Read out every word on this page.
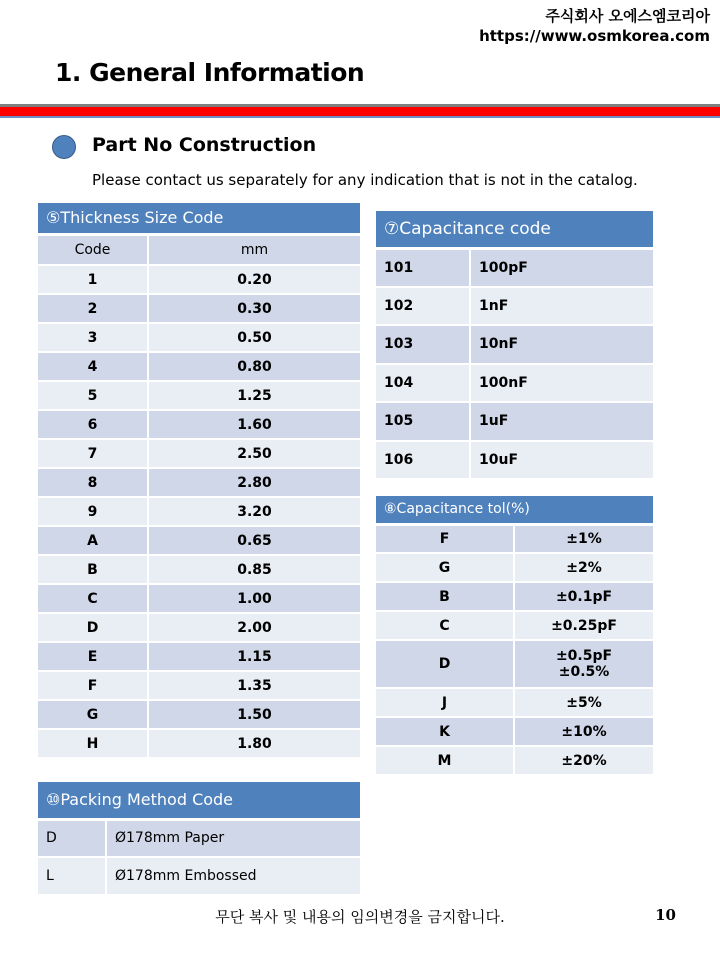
주식회사 오에스엠코리아
https://www.osmkorea.com
1. General Information
Part No Construction
Please contact us separately for any indication that is not in the catalog.
⑤Thickness Size Code	
Code	mm

1	0.20

2	0.30

3	0.50

4	0.80

5	1.25

6	1.60

7	2.50

8	2.80

9	3.20

A	0.65

B	0.85

C	1.00

D	2.00

E	1.15

F	1.35

G	1.50

H	1.80
⑦Capacitance code	

101	100pF

102	1nF

103	10nF

104	100nF

105	1uF

106	10uF
⑧Capacitance tol(%)	

F	±1%

G	±2%

B	±0.1pF

C	±0.25pF

D	±0.5pF
±0.5%

J	±5%

K	±10%

M	±20%
⑩Packing Method Code	

D	Ø178mm Paper

L	Ø178mm Embossed
무단 복사 및 내용의 임의변경을 금지합니다.	10
